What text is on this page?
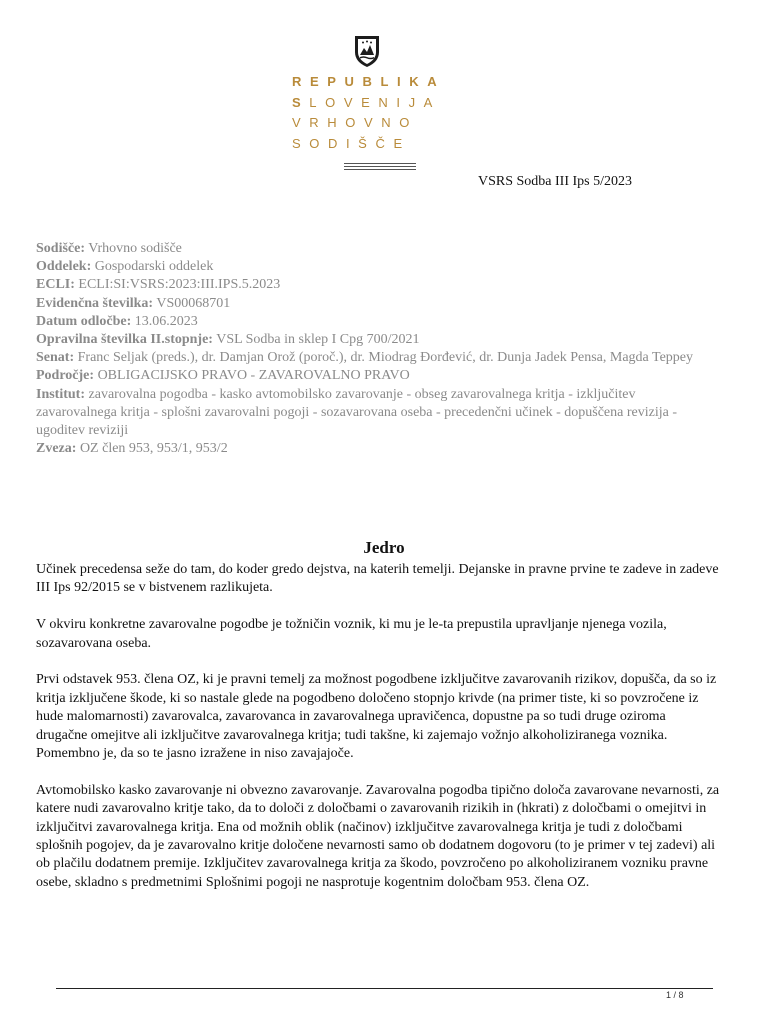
REPUBLIKA
SLOVENIJA
VRHOVNO
SODIŠČE
VSRS Sodba III Ips 5/2023

Sodišče: Vrhovno sodišče

Oddelek: Gospodarski oddelek

ECLI: ECLI:SI:VSRS:2023:III.IPS.5.2023

Evidenčna številka: VS00068701

Datum odločbe: 13.06.2023

Opravilna številka II.stopnje: VSL Sodba in sklep I Cpg 700/2021

Senat: Franc Seljak (preds.), dr. Damjan Orož (poroč.), dr. Miodrag Đorđević, dr. Dunja Jadek Pensa, Magda Teppey

Področje: OBLIGACIJSKO PRAVO - ZAVAROVALNO PRAVO

Institut: zavarovalna pogodba - kasko avtomobilsko zavarovanje - obseg zavarovalnega kritja - izključitev zavarovalnega kritja - splošni zavarovalni pogoji - sozavarovana oseba - precedenčni učinek - dopuščena revizija - ugoditev reviziji

Zveza: OZ člen 953, 953/1, 953/2

Jedro

Učinek precedensa seže do tam, do koder gredo dejstva, na katerih temelji. Dejanske in pravne prvine te zadeve in zadeve III Ips 92/2015 se v bistvenem razlikujeta.

V okviru konkretne zavarovalne pogodbe je tožničin voznik, ki mu je le-ta prepustila upravljanje njenega vozila, sozavarovana oseba.

Prvi odstavek 953. člena OZ, ki je pravni temelj za možnost pogodbene izključitve zavarovanih rizikov, dopušča, da so iz kritja izključene škode, ki so nastale glede na pogodbeno določeno stopnjo krivde (na primer tiste, ki so povzročene iz hude malomarnosti) zavarovalca, zavarovanca in zavarovalnega upravičenca, dopustne pa so tudi druge oziroma drugačne omejitve ali izključitve zavarovalnega kritja; tudi takšne, ki zajemajo vožnjo alkoholiziranega voznika. Pomembno je, da so te jasno izražene in niso zavajajoče.

Avtomobilsko kasko zavarovanje ni obvezno zavarovanje. Zavarovalna pogodba tipično določa zavarovane nevarnosti, za katere nudi zavarovalno kritje tako, da to določi z določbami o zavarovanih rizikih in (hkrati) z določbami o omejitvi in izključitvi zavarovalnega kritja. Ena od možnih oblik (načinov) izključitve zavarovalnega kritja je tudi z določbami splošnih pogojev, da je zavarovalno kritje določene nevarnosti samo ob dodatnem dogovoru (to je primer v tej zadevi) ali ob plačilu dodatnem premije. Izključitev zavarovalnega kritja za škodo, povzročeno po alkoholiziranem vozniku pravne osebe, skladno s predmetnimi Splošnimi pogoji ne nasprotuje kogentnim določbam 953. člena OZ.

1 / 8
